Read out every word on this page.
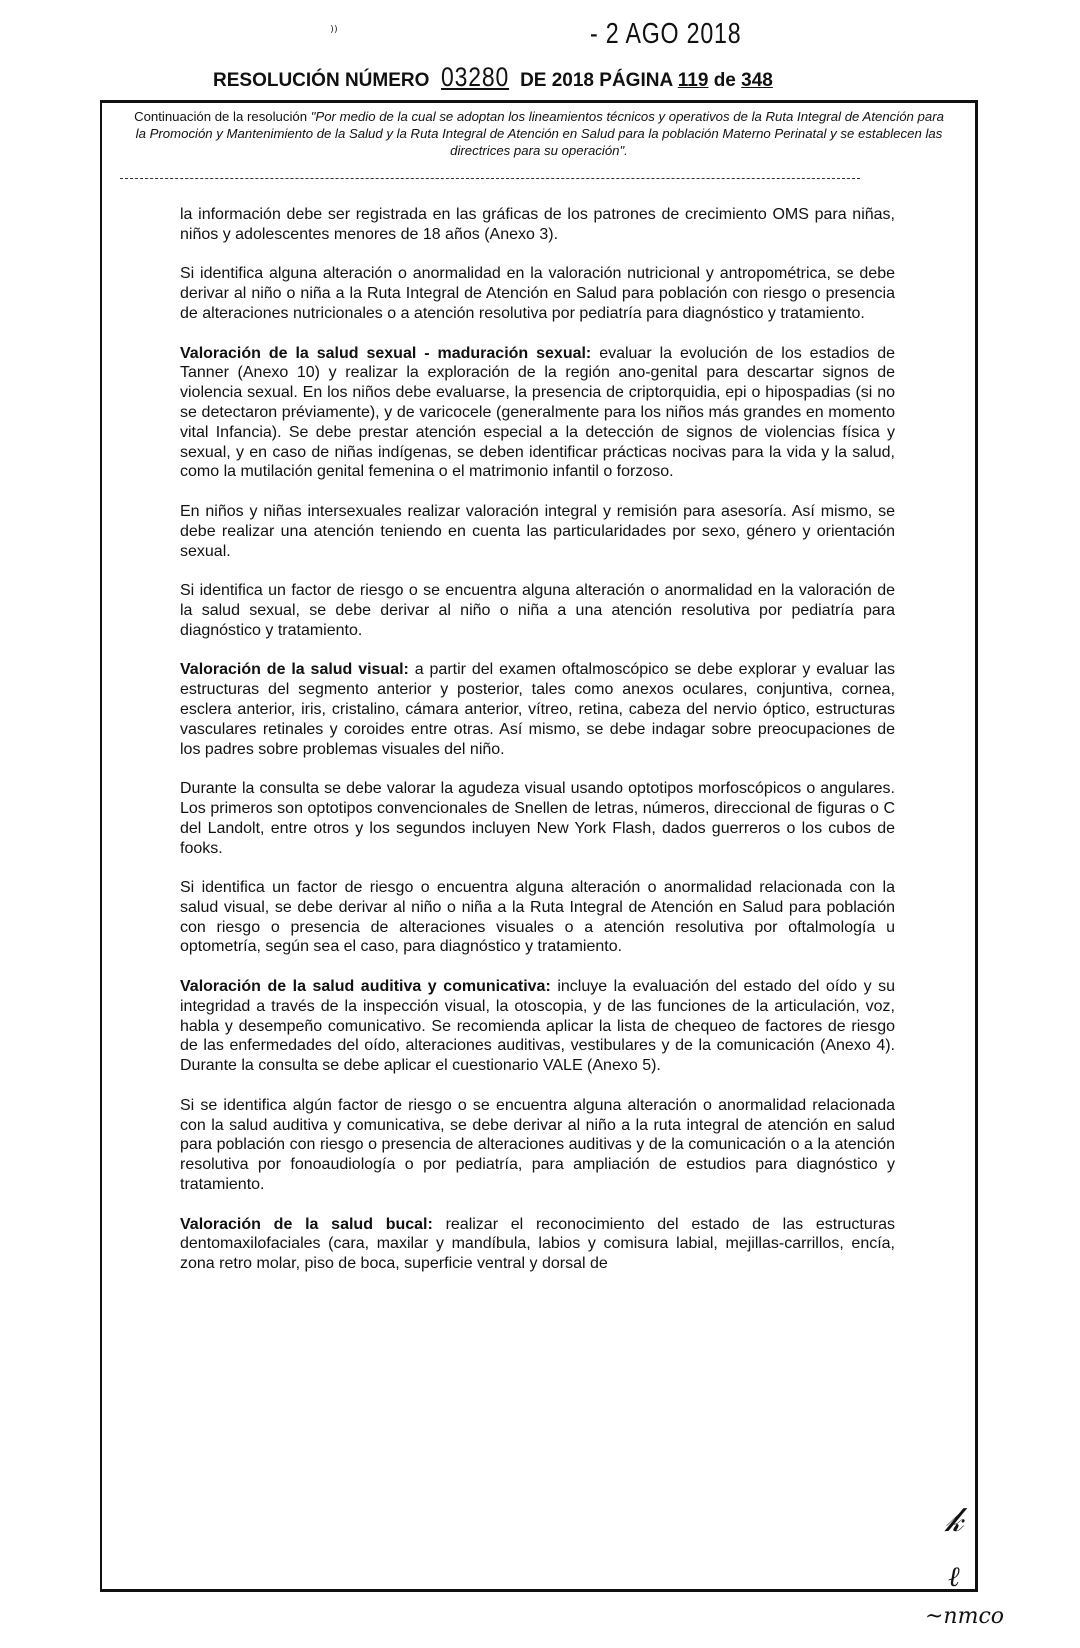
⁾⁾	- 2 AGO 2018
RESOLUCIÓN NÚMERO 03280 DE 2018 PÁGINA 119 de 348
Continuación de la resolución "Por medio de la cual se adoptan los lineamientos técnicos y operativos de la Ruta Integral de Atención para la Promoción y Mantenimiento de la Salud y la Ruta Integral de Atención en Salud para la población Materno Perinatal y se establecen las directrices para su operación".

la información debe ser registrada en las gráficas de los patrones de crecimiento OMS para niñas, niños y adolescentes menores de 18 años (Anexo 3).

Si identifica alguna alteración o anormalidad en la valoración nutricional y antropométrica, se debe derivar al niño o niña a la Ruta Integral de Atención en Salud para población con riesgo o presencia de alteraciones nutricionales o a atención resolutiva por pediatría para diagnóstico y tratamiento.

Valoración de la salud sexual - maduración sexual: evaluar la evolución de los estadios de Tanner (Anexo 10) y realizar la exploración de la región ano-genital para descartar signos de violencia sexual. En los niños debe evaluarse, la presencia de criptorquidia, epi o hipospadias (si no se detectaron préviamente), y de varicocele (generalmente para los niños más grandes en momento vital Infancia). Se debe prestar atención especial a la detección de signos de violencias física y sexual, y en caso de niñas indígenas, se deben identificar prácticas nocivas para la vida y la salud, como la mutilación genital femenina o el matrimonio infantil o forzoso.

En niños y niñas intersexuales realizar valoración integral y remisión para asesoría. Así mismo, se debe realizar una atención teniendo en cuenta las particularidades por sexo, género y orientación sexual.

Si identifica un factor de riesgo o se encuentra alguna alteración o anormalidad en la valoración de la salud sexual, se debe derivar al niño o niña a una atención resolutiva por pediatría para diagnóstico y tratamiento.

Valoración de la salud visual: a partir del examen oftalmoscópico se debe explorar y evaluar las estructuras del segmento anterior y posterior, tales como anexos oculares, conjuntiva, cornea, esclera anterior, iris, cristalino, cámara anterior, vítreo, retina, cabeza del nervio óptico, estructuras vasculares retinales y coroides entre otras. Así mismo, se debe indagar sobre preocupaciones de los padres sobre problemas visuales del niño.

Durante la consulta se debe valorar la agudeza visual usando optotipos morfoscópicos o angulares. Los primeros son optotipos convencionales de Snellen de letras, números, direccional de figuras o C del Landolt, entre otros y los segundos incluyen New York Flash, dados guerreros o los cubos de fooks.

Si identifica un factor de riesgo o encuentra alguna alteración o anormalidad relacionada con la salud visual, se debe derivar al niño o niña a la Ruta Integral de Atención en Salud para población con riesgo o presencia de alteraciones visuales o a atención resolutiva por oftalmología u optometría, según sea el caso, para diagnóstico y tratamiento.

Valoración de la salud auditiva y comunicativa: incluye la evaluación del estado del oído y su integridad a través de la inspección visual, la otoscopia, y de las funciones de la articulación, voz, habla y desempeño comunicativo. Se recomienda aplicar la lista de chequeo de factores de riesgo de las enfermedades del oído, alteraciones auditivas, vestibulares y de la comunicación (Anexo 4). Durante la consulta se debe aplicar el cuestionario VALE (Anexo 5).

Si se identifica algún factor de riesgo o se encuentra alguna alteración o anormalidad relacionada con la salud auditiva y comunicativa, se debe derivar al niño a la ruta integral de atención en salud para población con riesgo o presencia de alteraciones auditivas y de la comunicación o a la atención resolutiva por fonoaudiología o por pediatría, para ampliación de estudios para diagnóstico y tratamiento.

Valoración de la salud bucal: realizar el reconocimiento del estado de las estructuras dentomaxilofaciales (cara, maxilar y mandíbula, labios y comisura labial, mejillas-carrillos, encía, zona retro molar, piso de boca, superficie ventral y dorsal de

𝓀
ℓ
~nmco
